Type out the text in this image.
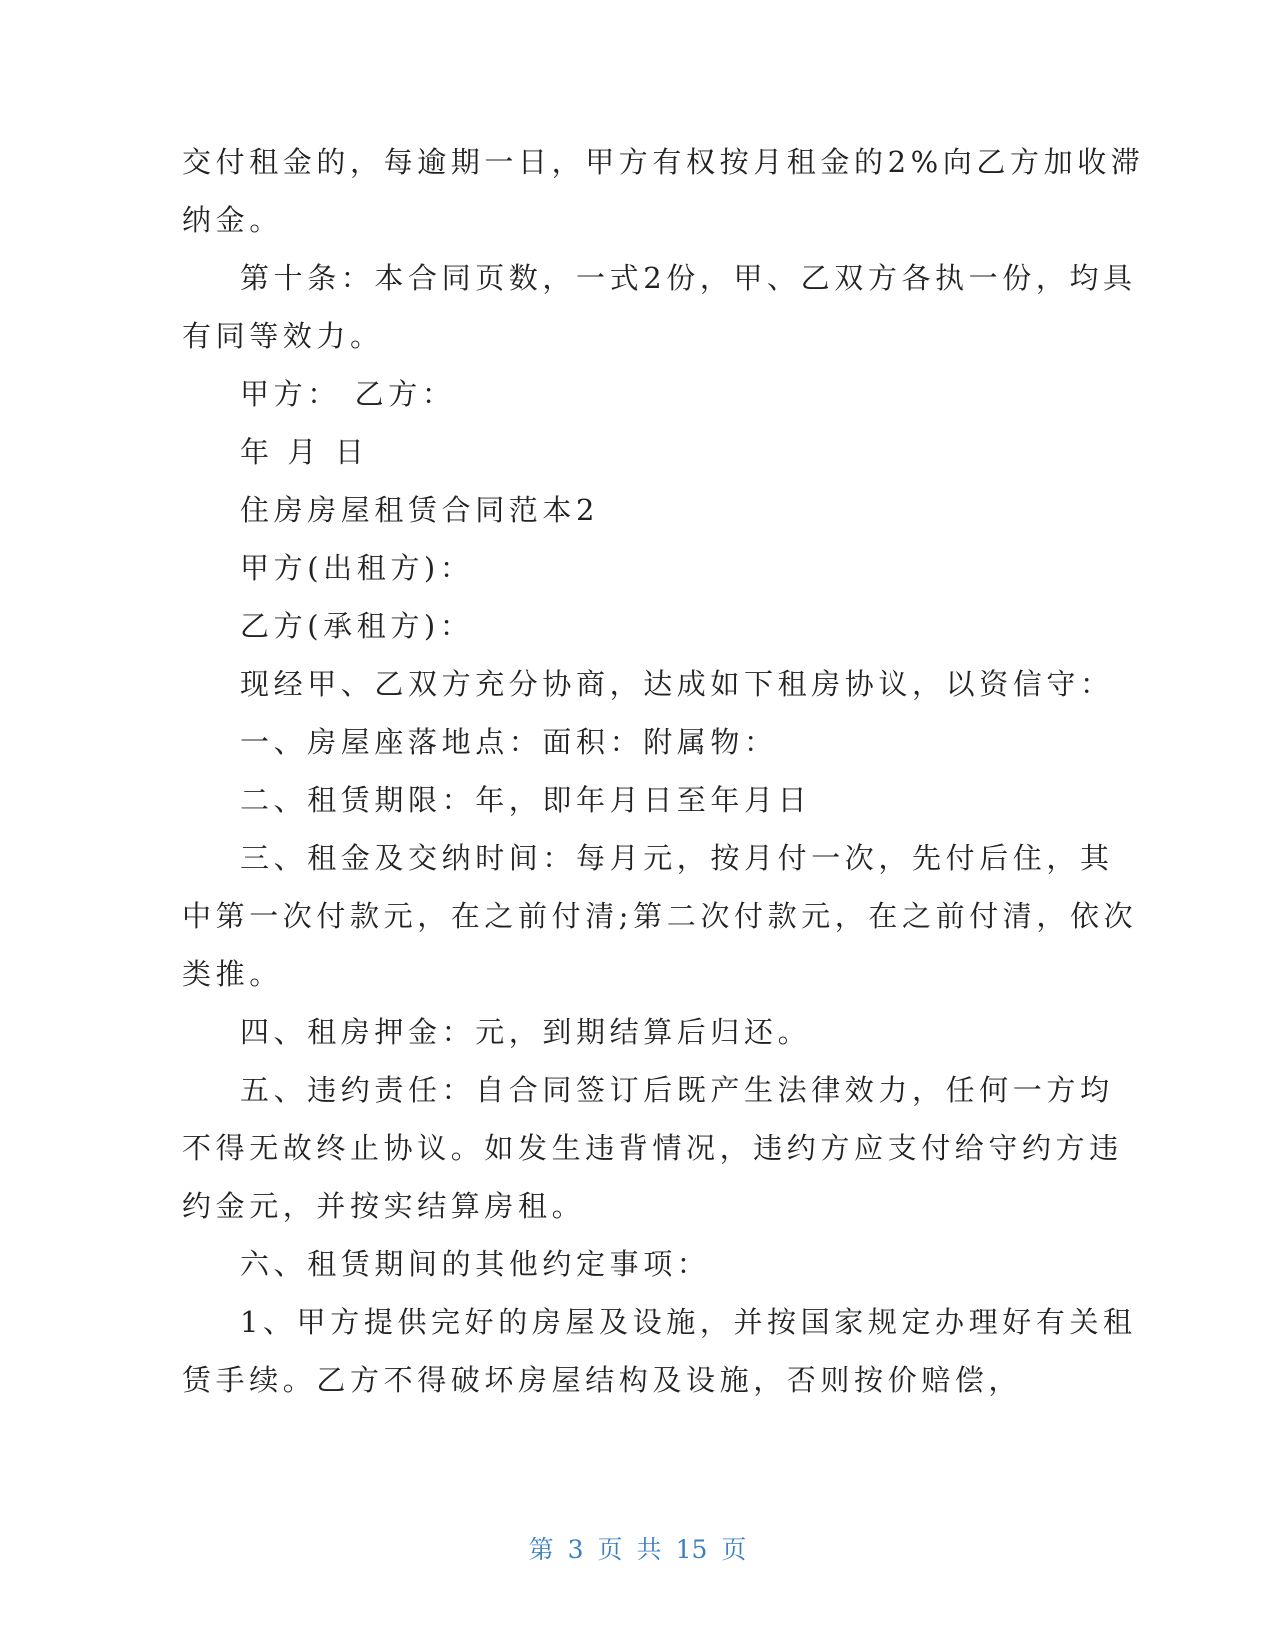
交付租金的，每逾期一日，甲方有权按月租金的2%向乙方加收滞
纳金。
第十条：本合同页数，一式2份，甲、乙双方各执一份，均具
有同等效力。
甲方： 乙方：
年 月 日
住房房屋租赁合同范本2
甲方(出租方)：
乙方(承租方)：
现经甲、乙双方充分协商，达成如下租房协议，以资信守：
一、房屋座落地点：面积：附属物：
二、租赁期限：年，即年月日至年月日
三、租金及交纳时间：每月元，按月付一次，先付后住，其
中第一次付款元，在之前付清;第二次付款元，在之前付清，依次
类推。
四、租房押金：元，到期结算后归还。
五、违约责任：自合同签订后既产生法律效力，任何一方均
不得无故终止协议。如发生违背情况，违约方应支付给守约方违
约金元，并按实结算房租。
六、租赁期间的其他约定事项：
1、甲方提供完好的房屋及设施，并按国家规定办理好有关租
赁手续。乙方不得破坏房屋结构及设施，否则按价赔偿，
第 3 页 共 15 页
